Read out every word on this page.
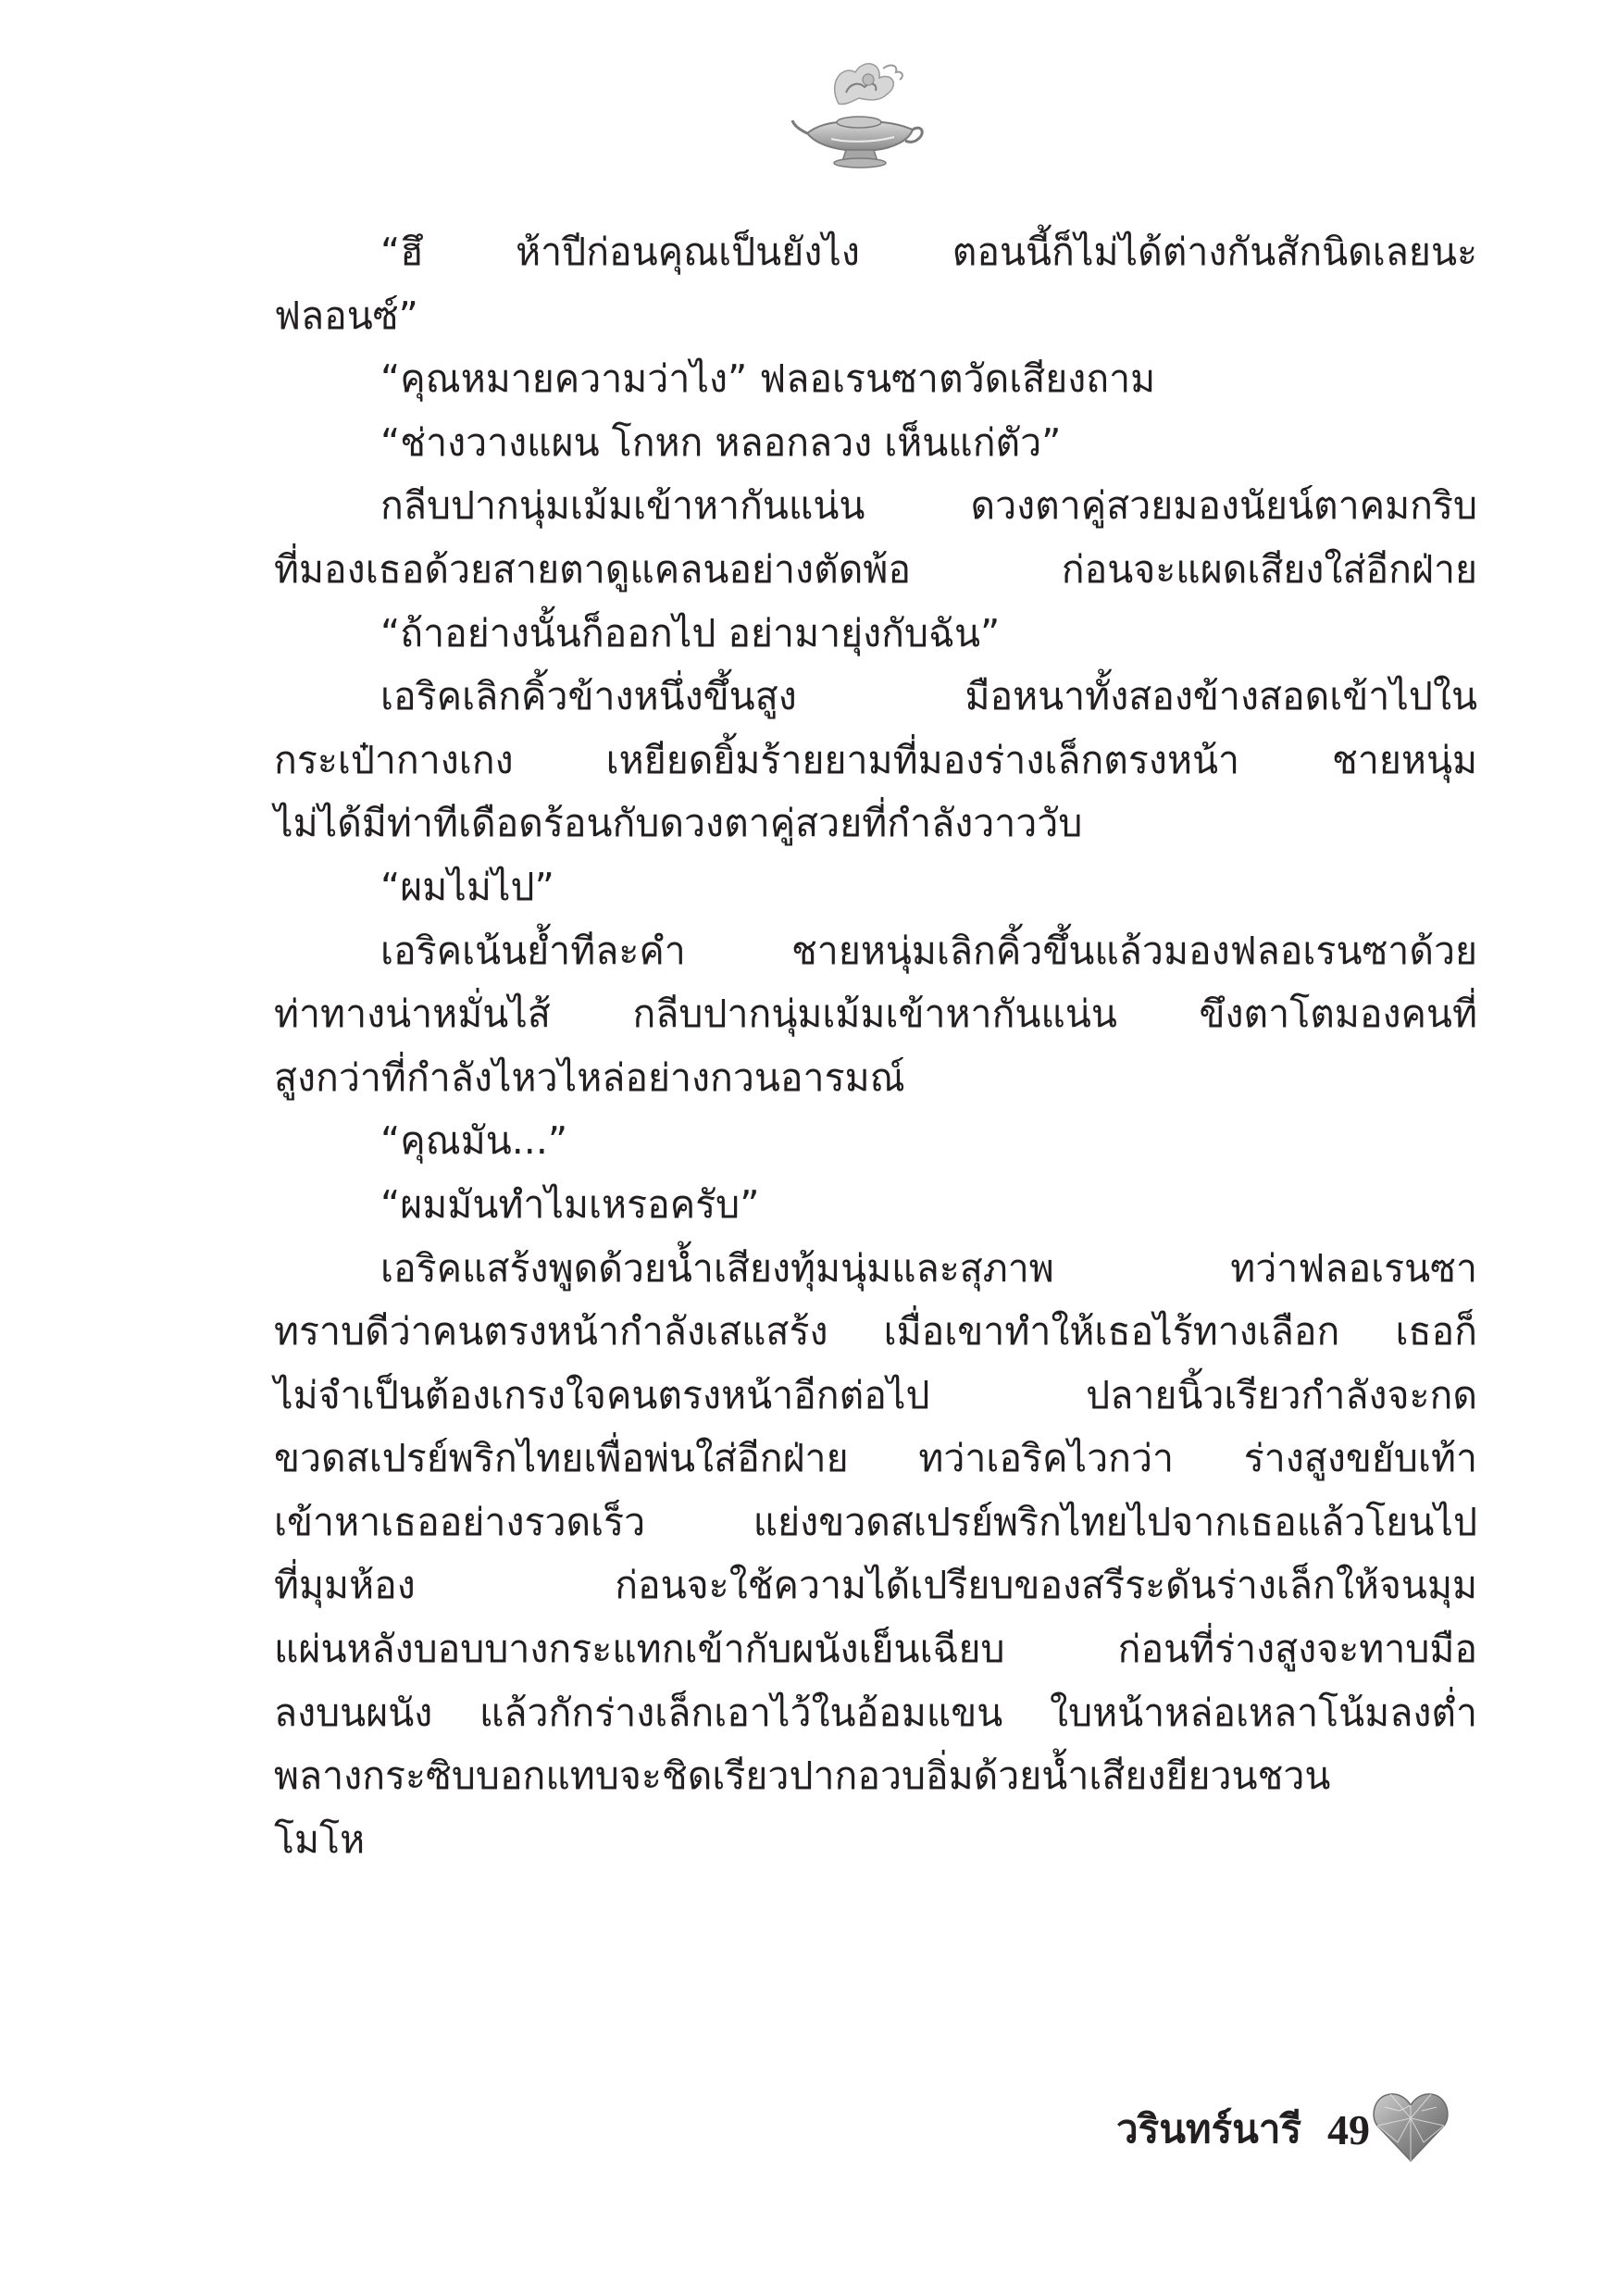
“ฮึ ห้าปีก่อนคุณเป็นยังไง ตอนนี้ก็ไม่ได้ต่างกันสักนิดเลยนะ
ฟลอนซ์”
“คุณหมายความว่าไง” ฟลอเรนซาตวัดเสียงถาม
“ช่างวางแผน โกหก หลอกลวง เห็นแก่ตัว”
กลีบปากนุ่มเม้มเข้าหากันแน่น ดวงตาคู่สวยมองนัยน์ตาคมกริบ
ที่มองเธอด้วยสายตาดูแคลนอย่างตัดพ้อ ก่อนจะแผดเสียงใส่อีกฝ่าย
“ถ้าอย่างนั้นก็ออกไป อย่ามายุ่งกับฉัน”
เอริคเลิกคิ้วข้างหนึ่งขึ้นสูง มือหนาทั้งสองข้างสอดเข้าไปใน
กระเป๋ากางเกง เหยียดยิ้มร้ายยามที่มองร่างเล็กตรงหน้า ชายหนุ่ม
ไม่ได้มีท่าทีเดือดร้อนกับดวงตาคู่สวยที่กำลังวาววับ
“ผมไม่ไป”
เอริคเน้นย้ำทีละคำ ชายหนุ่มเลิกคิ้วขึ้นแล้วมองฟลอเรนซาด้วย
ท่าทางน่าหมั่นไส้ กลีบปากนุ่มเม้มเข้าหากันแน่น ขึงตาโตมองคนที่
สูงกว่าที่กำลังไหวไหล่อย่างกวนอารมณ์
“คุณมัน...”
“ผมมันทำไมเหรอครับ”
เอริคแสร้งพูดด้วยน้ำเสียงทุ้มนุ่มและสุภาพ ทว่าฟลอเรนซา
ทราบดีว่าคนตรงหน้ากำลังเสแสร้ง เมื่อเขาทำให้เธอไร้ทางเลือก เธอก็
ไม่จำเป็นต้องเกรงใจคนตรงหน้าอีกต่อไป ปลายนิ้วเรียวกำลังจะกด
ขวดสเปรย์พริกไทยเพื่อพ่นใส่อีกฝ่าย ทว่าเอริคไวกว่า ร่างสูงขยับเท้า
เข้าหาเธออย่างรวดเร็ว แย่งขวดสเปรย์พริกไทยไปจากเธอแล้วโยนไป
ที่มุมห้อง ก่อนจะใช้ความได้เปรียบของสรีระดันร่างเล็กให้จนมุม
แผ่นหลังบอบบางกระแทกเข้ากับผนังเย็นเฉียบ ก่อนที่ร่างสูงจะทาบมือ
ลงบนผนัง แล้วกักร่างเล็กเอาไว้ในอ้อมแขน ใบหน้าหล่อเหลาโน้มลงต่ำ
พลางกระซิบบอกแทบจะชิดเรียวปากอวบอิ่มด้วยน้ำเสียงยียวนชวน
โมโห
วรินทร์นารี 49
